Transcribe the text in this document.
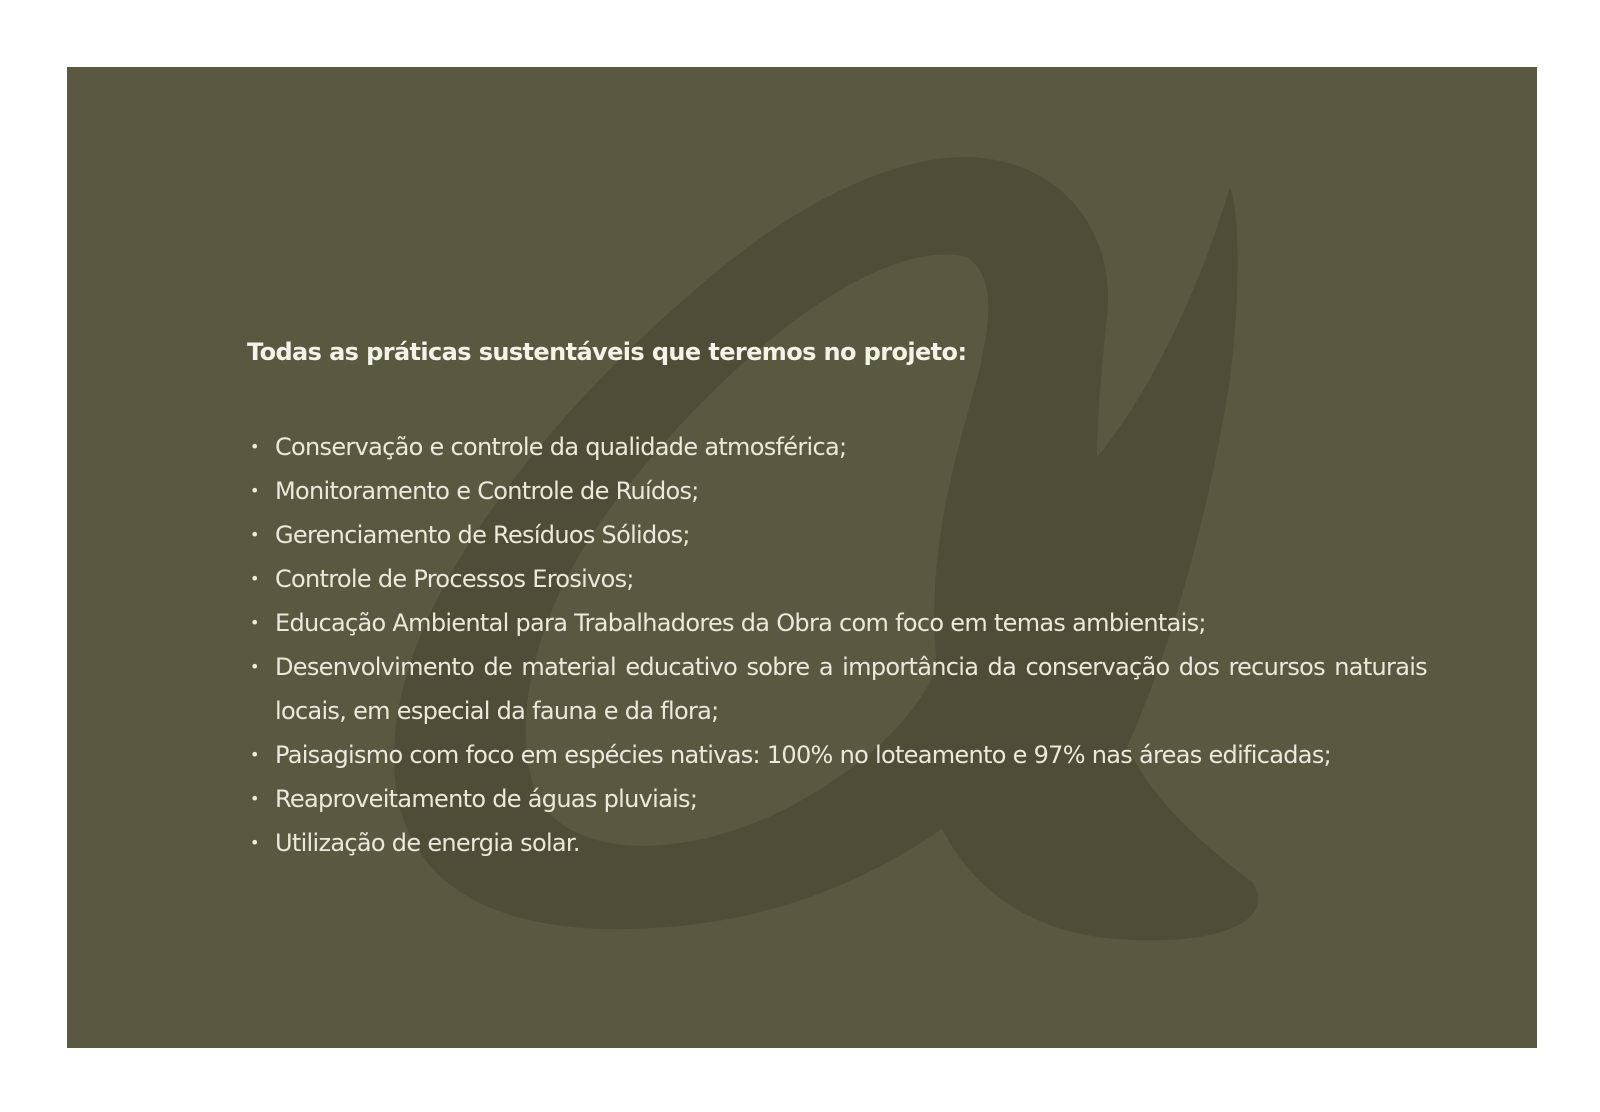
Todas as práticas sustentáveis que teremos no projeto:
• Conservação e controle da qualidade atmosférica;
• Monitoramento e Controle de Ruídos;
• Gerenciamento de Resíduos Sólidos;
• Controle de Processos Erosivos;
• Educação Ambiental para Trabalhadores da Obra com foco em temas ambientais;
• Desenvolvimento de material educativo sobre a importância da conservação dos recursos naturais locais, em especial da fauna e da flora;
• Paisagismo com foco em espécies nativas: 100% no loteamento e 97% nas áreas edificadas;
• Reaproveitamento de águas pluviais;
• Utilização de energia solar.
